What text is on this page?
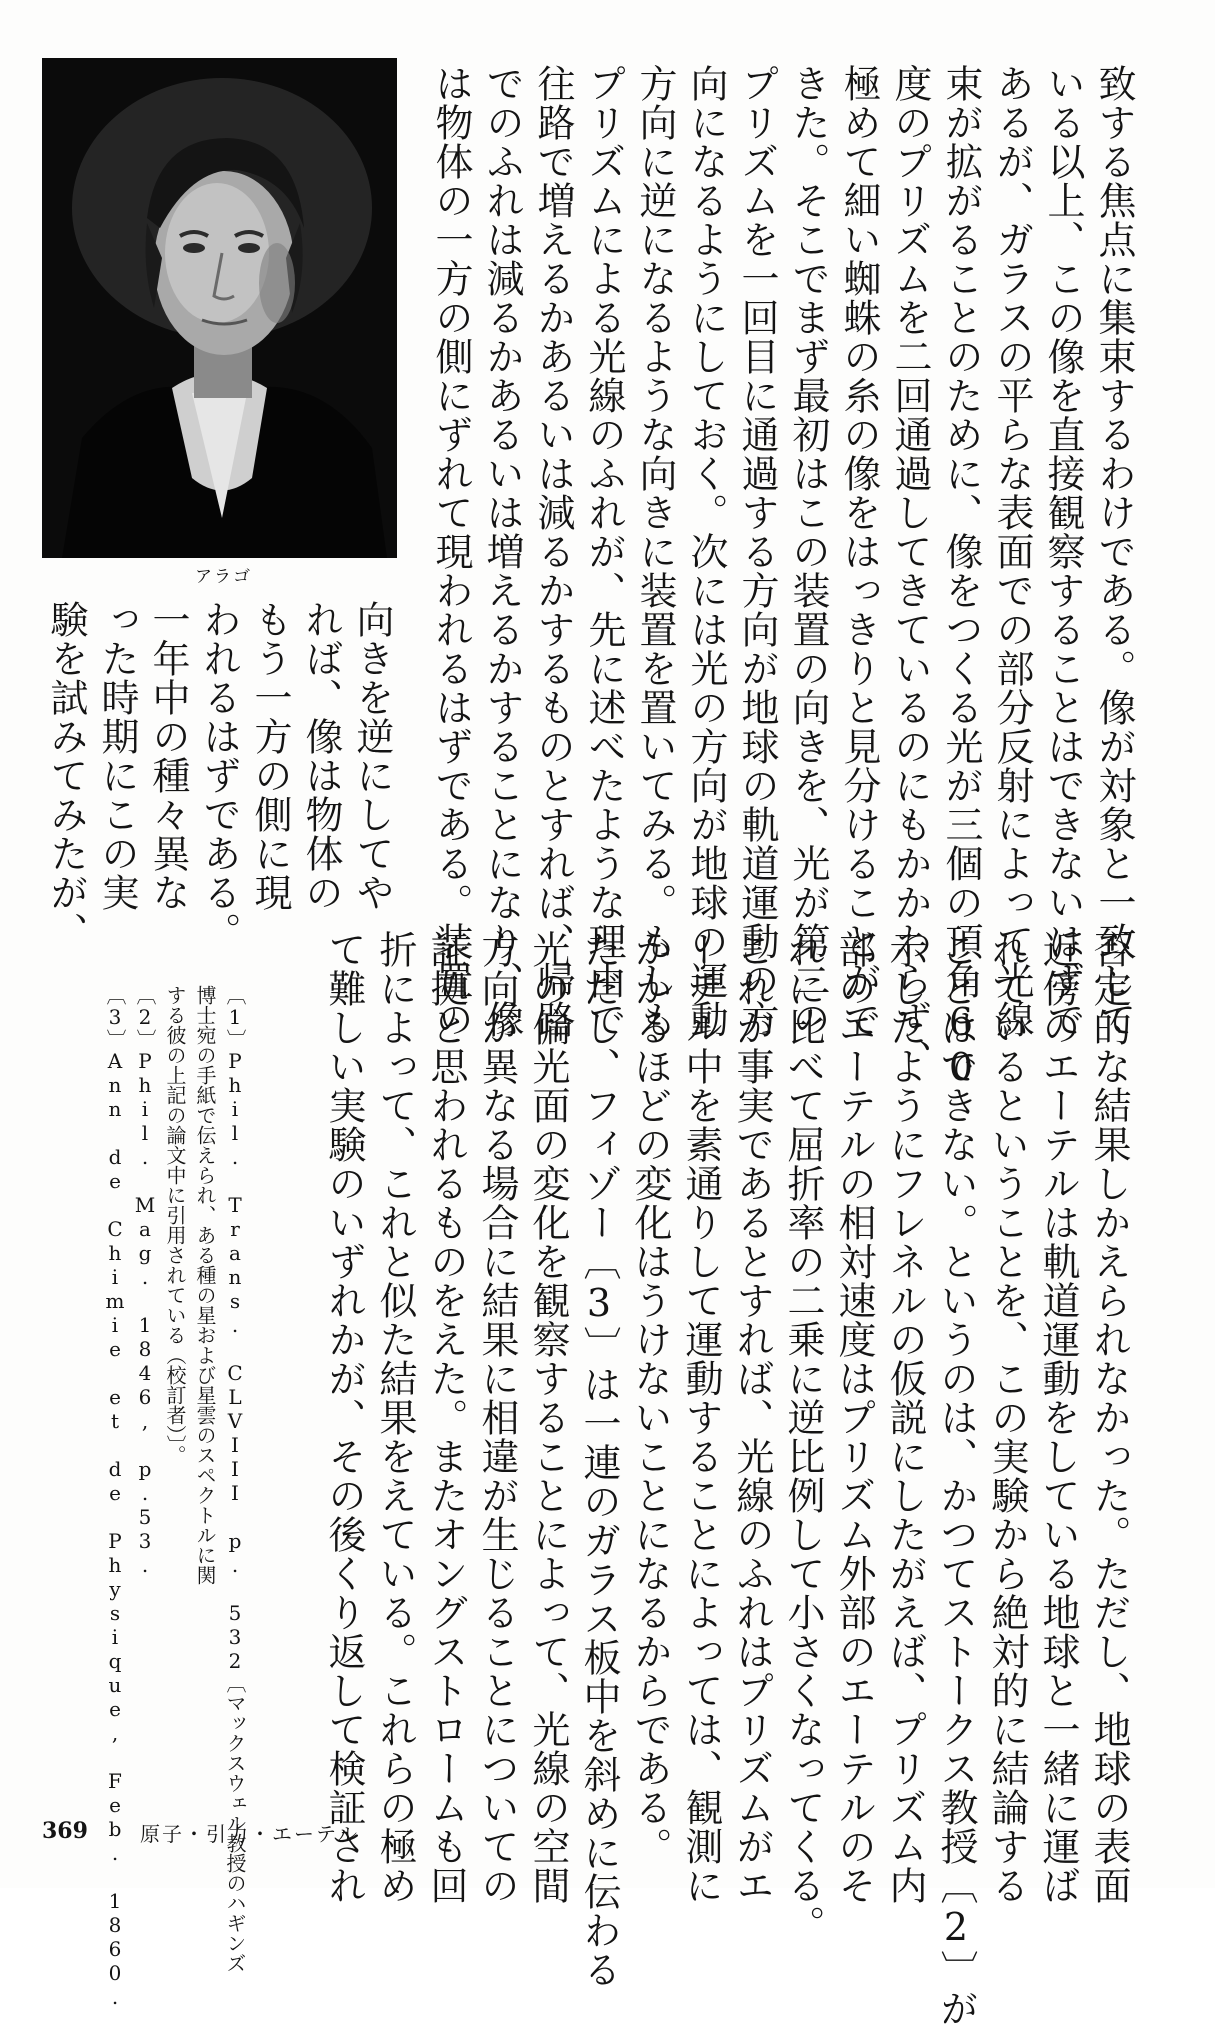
アラゴ	致する焦点に集束するわけである。像が対象と一致して
いる以上、この像を直接観察することはできないはずで
あるが、ガラスの平らな表面での部分反射によって光線
束が拡がることのために、像をつくる光が三個の頂角60
度のプリズムを二回通過してきているのにもかかわらず、
極めて細い蜘蛛の糸の像をはっきりと見分けることがで
きた。そこでまず最初はこの装置の向きを、光が第二の
プリズムを一回目に通過する方向が地球の軌道運動の方
向になるようにしておく。次には光の方向が地球の運動
方向に逆になるような向きに装置を置いてみる。もしも
プリズムによる光線のふれが、先に述べたような理由で
往路で増えるかあるいは減るかするものとすれば、帰路
でのふれは減るかあるいは増えるかすることになり、像
は物体の一方の側にずれて現われるはずである。装置の
向きを逆にしてや
れば、像は物体の
もう一方の側に現
われるはずである。
一年中の種々異な
った時期にこの実
験を試みてみたが、
否定的な結果しかえられなかった。ただし、地球の表面
近傍のエーテルは軌道運動をしている地球と一緒に運ば
れているということを、この実験から絶対的に結論する
ことはできない。というのは、かつてストークス教授〔2〕が
示したようにフレネルの仮説にしたがえば、プリズム内
部のエーテルの相対速度はプリズム外部のエーテルのそ
れに比べて屈折率の二乗に逆比例して小さくなってくる。
これが事実であるとすれば、光線のふれはプリズムがエ
ーテル中を素通りして運動することによっては、観測に
かかるほどの変化はうけないことになるからである。
ただし、フィゾー〔3〕は一連のガラス板中を斜めに伝わる
光の偏光面の変化を観察することによって、光線の空間
方向が異なる場合に結果に相違が生じることについての
証拠と思われるものをえた。またオングストロームも回
折によって、これと似た結果をえている。これらの極め
て難しい実験のいずれかが、その後くり返して検証され
〔1〕Phil. Trans. CLVIII p. 532〔マックスウェル教授のハギンズ
博士宛の手紙で伝えられ、ある種の星および星雲のスペクトルに関
する彼の上記の論文中に引用されている（校訂者）〕。
〔2〕Phil. Mag. 1846, p.53.
〔3〕Ann de Chimie et de Physique, Feb. 1860.
369	原子・引力・エーテル
